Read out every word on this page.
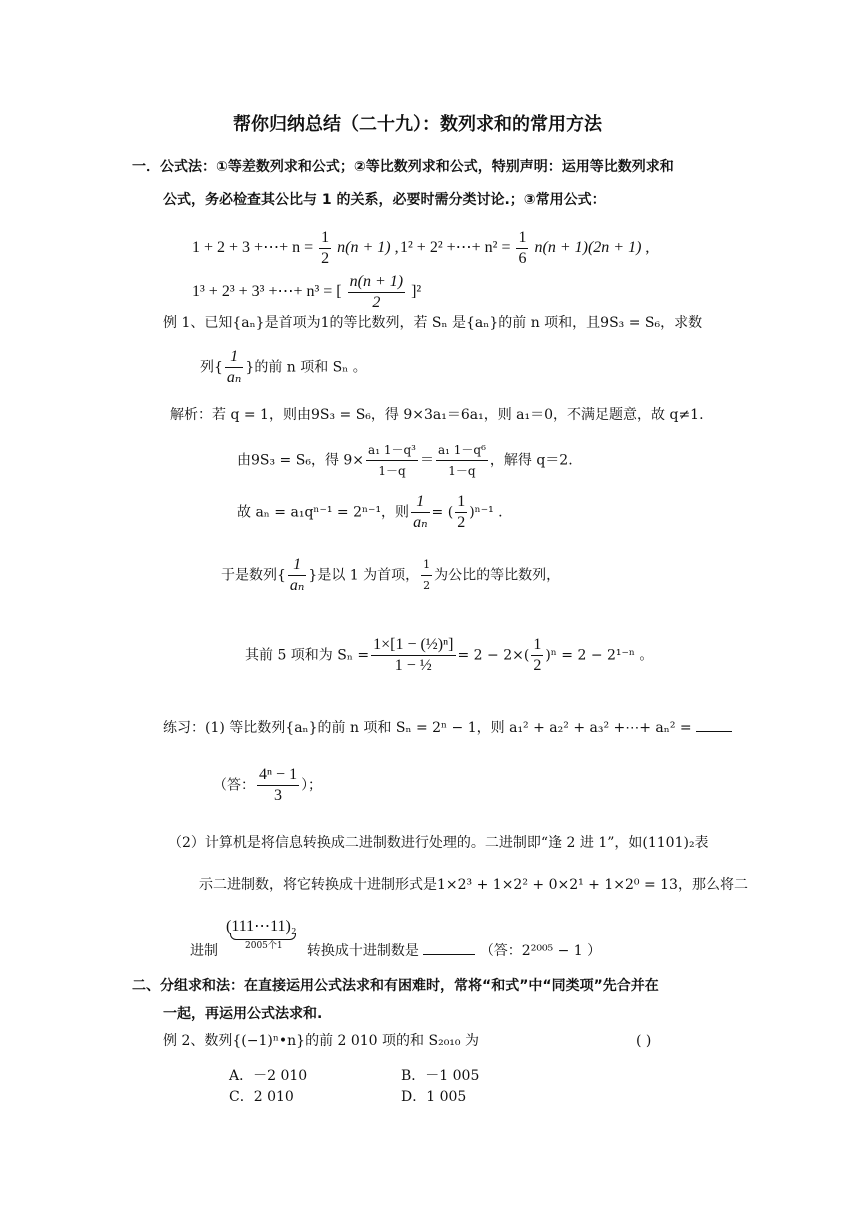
帮你归纳总结（二十九）：数列求和的常用方法
一．公式法：①等差数列求和公式；②等比数列求和公式，特别声明：运用等比数列求和
公式，务必检查其公比与 1 的关系，必要时需分类讨论.；③常用公式：
1 + 2 + 3 +⋯+ $n = \frac{1}{2} n(n + 1)$ , 1² + 2² +⋯+ $n^2 = \frac{1}{6} n(n + 1)(2n + 1)$ ,
1³ + 2³ + 3³ +⋯+ n³ = [ $\frac{n(n + 1)}{2} ]^2$
例 1、已知{aₙ}是首项为1的等比数列，若 Sₙ 是{aₙ}的前 n 项和，且9S₃ = S₆，求数
列{ $\frac{1}{\text{aₙ}}$ }的前 n 项和 Sₙ 。
解析：若 q = 1，则由9S₃ = S₆，得 9×3a₁＝6a₁，则 a₁＝0，不满足题意，故 q≠1.
由9S₃ = S₆，得 $9\times \frac{\text{a₁ 1－q³}}{1-q} = \frac{\text{a₁ 1－q⁶}}{1-q}$ ，解得 q＝2.
故 aₙ = a₁qⁿ⁻¹ = 2ⁿ⁻¹，则 $\frac{1}{\text{aₙ}}$ = ( $\frac{1}{2} )^{n-1}$ .
于是数列{ $\frac{1}{\text{aₙ}}$ }是以 1 为首项， $\frac{1}{2}$ 为公比的等比数列，
其前 5 项和为 $S_n = \frac{\text{1×[1 − (½)ⁿ]}}{\text{1 − ½}} = 2 - 2\times( \frac{1}{2} )^n = 2 - 2^{1-n}$ 。
练习：(1) 等比数列{aₙ}的前 n 项和 Sₙ = 2ⁿ − 1，则 a₁² + a₂² + a₃² +⋯+ aₙ² =
（答： $\frac{\text{4ⁿ − 1}}{3}$ ）；
（2）计算机是将信息转换成二进制数进行处理的。二进制即“逢 2 进 1”，如(1101)₂表
示二进制数，将它转换成十进制形式是1×2³ + 1×2² + 0×2¹ + 1×2⁰ = 13，那么将二
进制	转换成十进制数是	（答：2²⁰⁰⁵ − 1 ）
(111⋯11)₂
2005个1
二、分组求和法：在直接运用公式法求和有困难时，常将“和式”中“同类项”先合并在
一起，再运用公式法求和.
例 2、数列{(−1)ⁿ•n}的前 2 010 项的和 S₂₀₁₀ 为	( )
A．－2 010	B．－1 005
C．2 010	D．1 005
